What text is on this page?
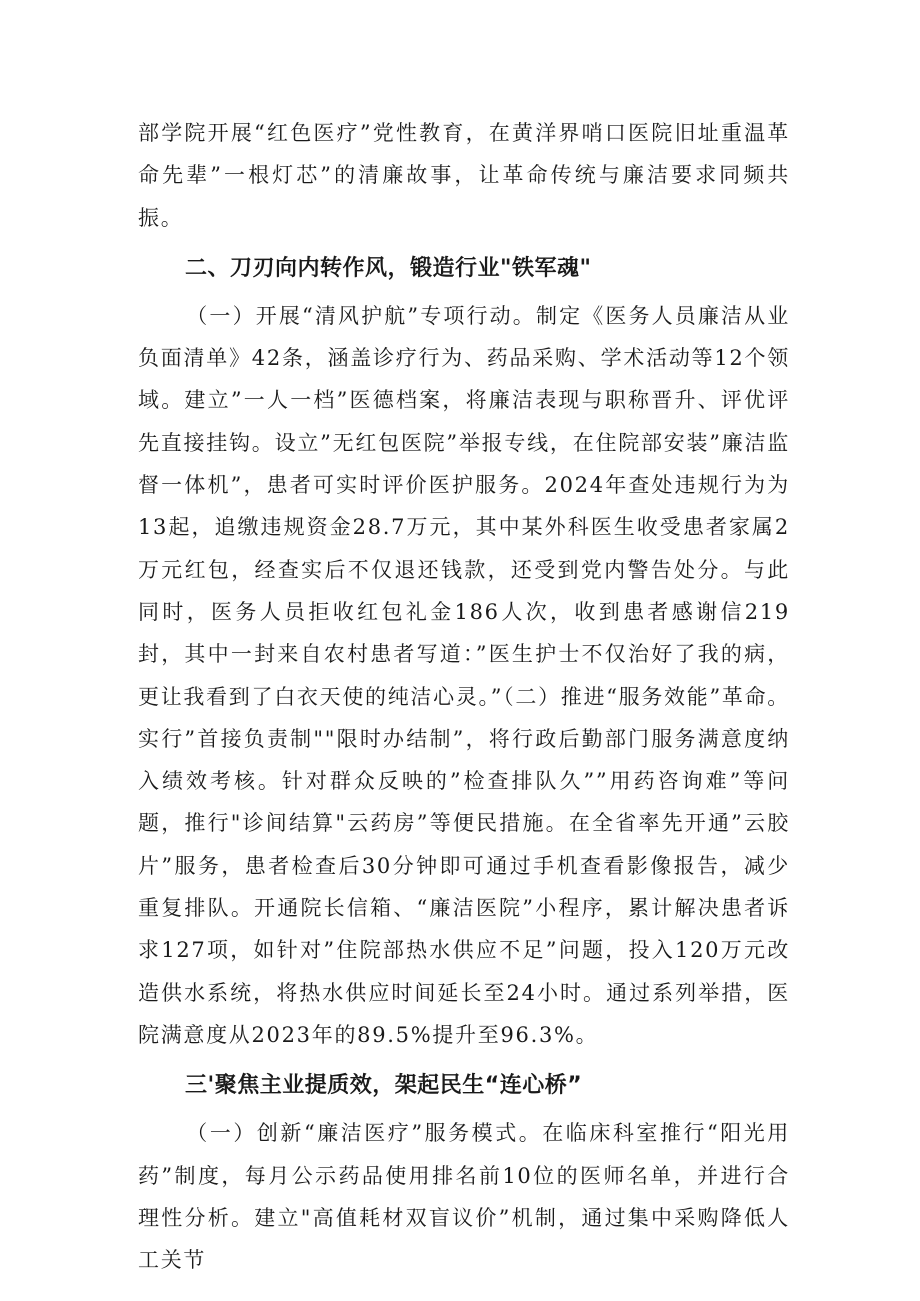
部学院开展“红色医疗”党性教育，在黄洋界哨口医院旧址重温革命先辈”一根灯芯”的清廉故事，让革命传统与廉洁要求同频共振。

二、刀刃向内转作风，锻造行业"铁军魂"

（一）开展“清风护航”专项行动。制定《医务人员廉洁从业负面清单》42条，涵盖诊疗行为、药品采购、学术活动等12个领域。建立”一人一档”医德档案，将廉洁表现与职称晋升、评优评先直接挂钩。设立”无红包医院”举报专线，在住院部安装”廉洁监督一体机”，患者可实时评价医护服务。2024年查处违规行为为13起，追缴违规资金28.7万元，其中某外科医生收受患者家属2万元红包，经查实后不仅退还钱款，还受到党内警告处分。与此同时，医务人员拒收红包礼金186人次，收到患者感谢信219封，其中一封来自农村患者写道：”医生护士不仅治好了我的病，更让我看到了白衣天使的纯洁心灵。”（二）推进“服务效能”革命。实行”首接负责制""限时办结制”，将行政后勤部门服务满意度纳入绩效考核。针对群众反映的”检查排队久””用药咨询难”等问题，推行"诊间结算"云药房”等便民措施。在全省率先开通”云胶片”服务，患者检查后30分钟即可通过手机查看影像报告，减少重复排队。开通院长信箱、“廉洁医院”小程序，累计解决患者诉求127项，如针对”住院部热水供应不足”问题，投入120万元改造供水系统，将热水供应时间延长至24小时。通过系列举措，医院满意度从2023年的89.5%提升至96.3%。

三'聚焦主业提质效，架起民生“连心桥”

（一）创新“廉洁医疗”服务模式。在临床科室推行“阳光用药”制度，每月公示药品使用排名前10位的医师名单，并进行合理性分析。建立"高值耗材双盲议价”机制，通过集中采购降低人工关节
